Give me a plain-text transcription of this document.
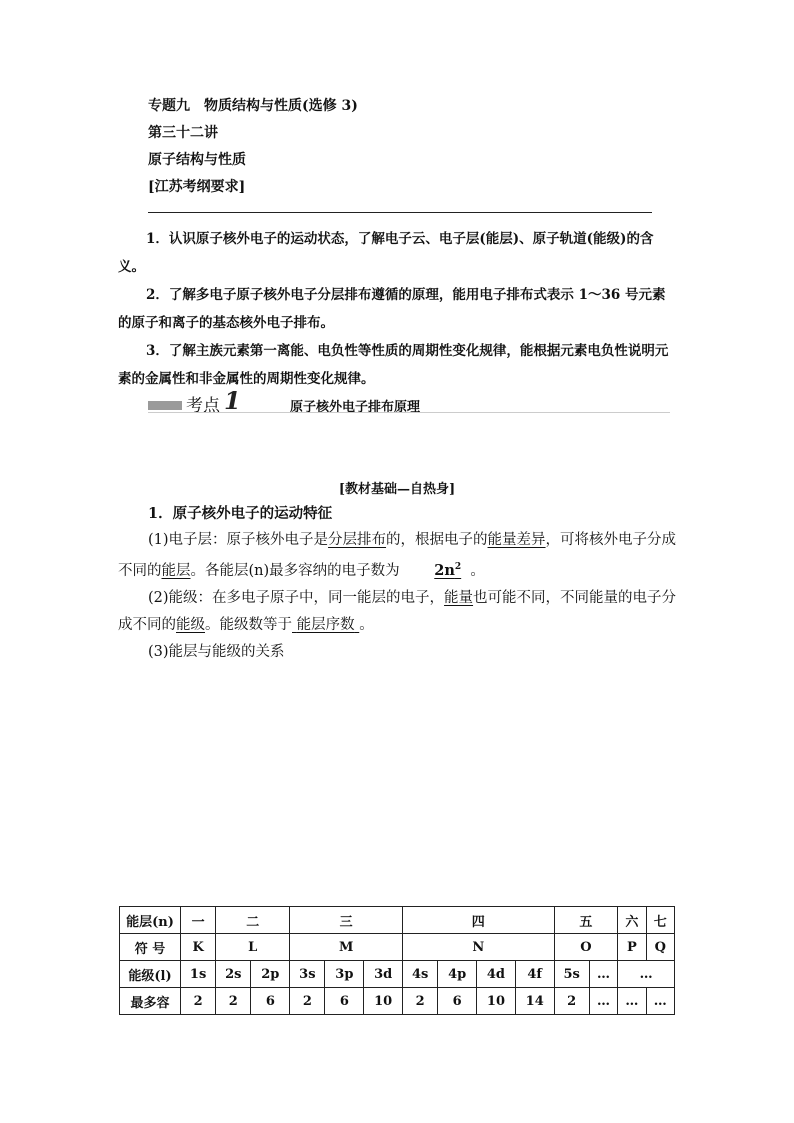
专题九　物质结构与性质(选修 3)
第三十二讲
原子结构与性质
[江苏考纲要求]

1．认识原子核外电子的运动状态，了解电子云、电子层(能层)、原子轨道(能级)的含义。

2．了解多电子原子核外电子分层排布遵循的原理，能用电子排布式表示 1～36 号元素的原子和离子的基态核外电子排布。

3．了解主族元素第一离能、电负性等性质的周期性变化规律，能根据元素电负性说明元素的金属性和非金属性的周期性变化规律。

考点 1	原子核外电子排布原理
[教材基础—自热身]

1．原子核外电子的运动特征

(1)电子层：原子核外电子是分层排布的，根据电子的能量差异，可将核外电子分成不同的能层。各能层(n)最多容纳的电子数为 $2n^2$ 。

(2)能级：在多电子原子中，同一能层的电子，能量也可能不同，不同能量的电子分成不同的能级。能级数等于 能层序数 。

(3)能层与能级的关系

能层(n)	一	二		三			四				五		六	七
符 号	K	L		M			N				O		P	Q
能级(l)	1s	2s	2p	3s	3p	3d	4s	4p	4d	4f	5s	…	…	
最多容	2	2	6	2	6	10	2	6	10	14	2	…	…	…
